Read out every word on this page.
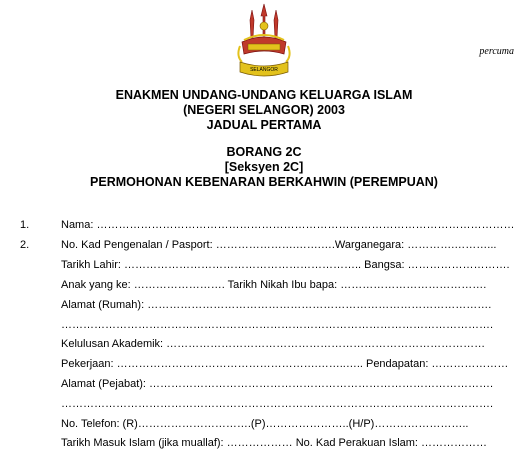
SELANGOR
percuma
ENAKMEN UNDANG-UNDANG KELUARGA ISLAM
(NEGERI SELANGOR) 2003
JADUAL PERTAMA
BORANG 2C
[Seksyen 2C]
PERMOHONAN KEBENARAN BERKAHWIN (PEREMPUAN)
1.
2.
Nama: ……………………………………………………………………………………………………
No. Kad Pengenalan / Pasport: ………………….…….….Warganegara: ………….………...
Tarikh Lahir: ……………………………………………………….. Bangsa: ……………………….
Anak yang ke: ……………………. Tarikh Nikah Ibu bapa: ………………………………….
Alamat (Rumah): ………………………………………………………………………………….
……………………………………………………………………………………………………….
Kelulusan Akademik: ……………………………………………………………………………
Pekerjaan: ……………………………………………….……..….. Pendapatan: …………………
Alamat (Pejabat): ………………………………………………………………………………….
……………………………………………………………………………………………………….
No. Telefon: (R)………………………….(P)…………………..(H/P)……………………..
Tarikh Masuk Islam (jika muallaf): ……………… No. Kad Perakuan Islam: ………………
